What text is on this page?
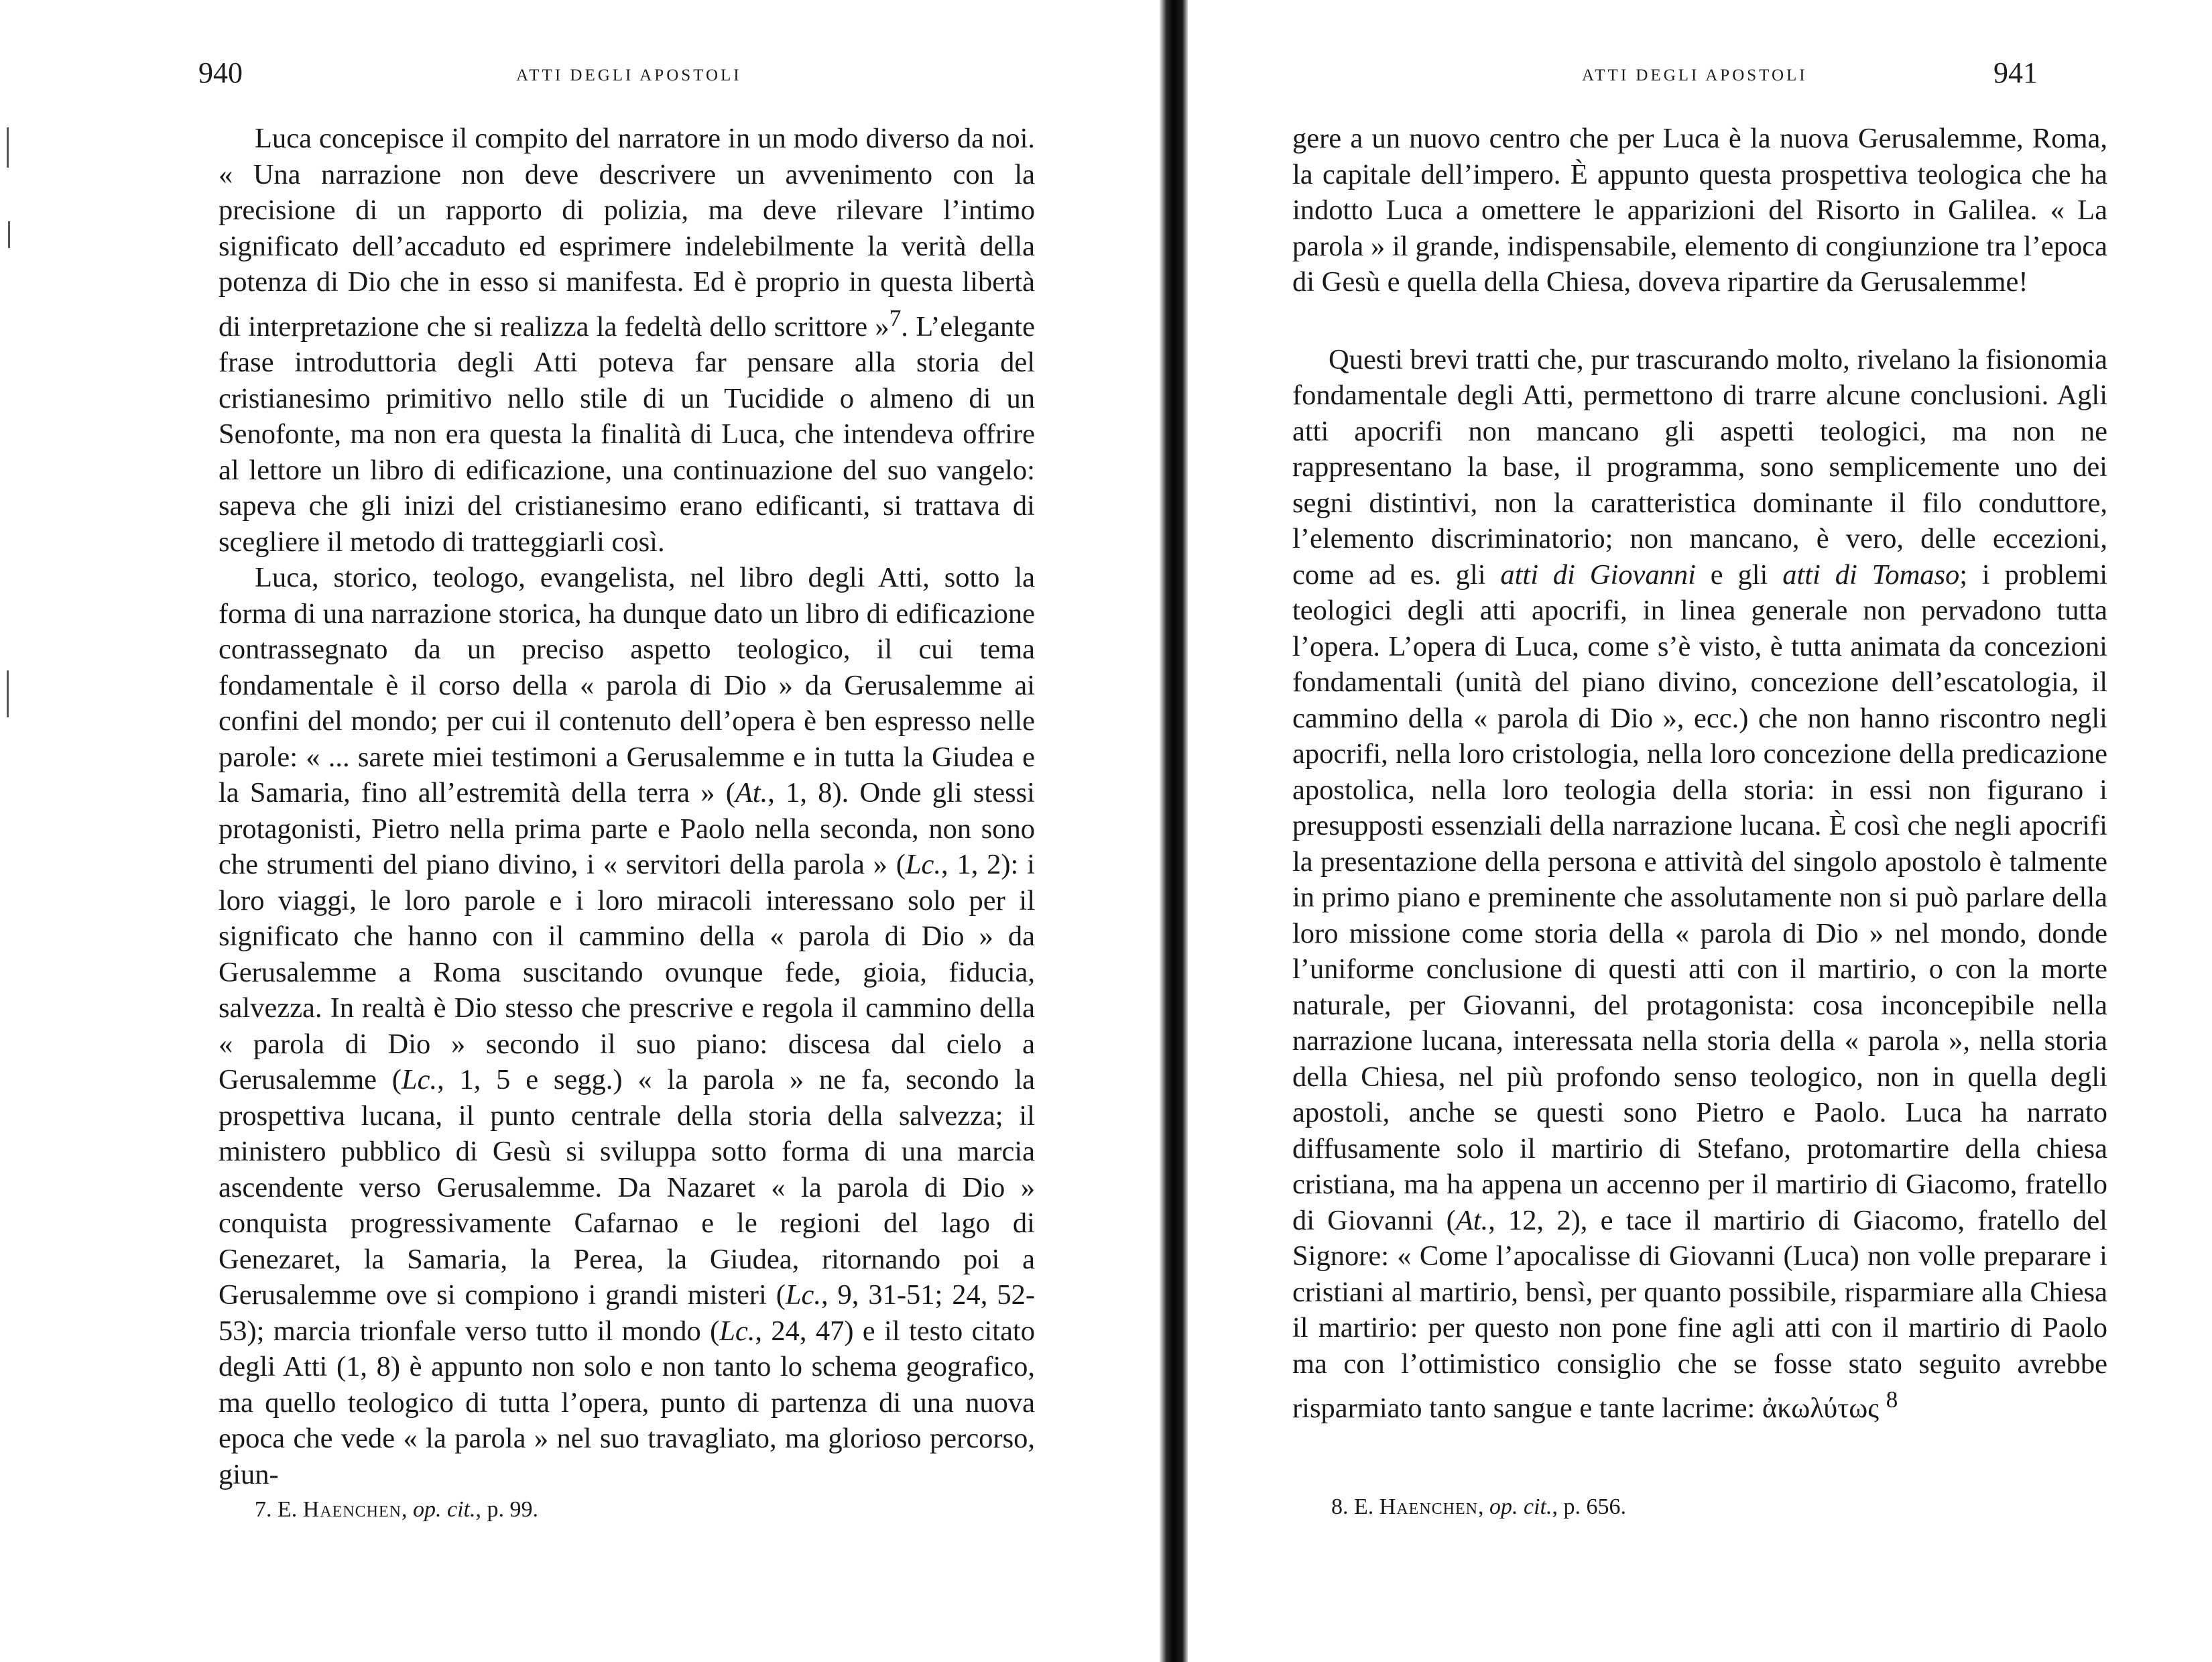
940	ATTI DEGLI APOSTOLI

Luca concepisce il compito del narratore in un modo diverso da noi. « Una narrazione non deve descrivere un avvenimento con la precisione di un rapporto di polizia, ma deve rilevare l’intimo significato dell’accaduto ed esprimere indelebilmente la verità della potenza di Dio che in esso si manifesta. Ed è proprio in questa libertà di interpretazione che si realizza la fedeltà dello scrittore »$^7$. L’elegante frase introduttoria degli Atti poteva far pensare alla storia del cristianesimo primitivo nello stile di un Tucidide o almeno di un Senofonte, ma non era questa la finalità di Luca, che intendeva offrire al lettore un libro di edificazione, una continuazione del suo vangelo: sapeva che gli inizi del cristianesimo erano edificanti, si trattava di scegliere il metodo di tratteggiarli così.

Luca, storico, teologo, evangelista, nel libro degli Atti, sotto la forma di una narrazione storica, ha dunque dato un libro di edificazione contrassegnato da un preciso aspetto teologico, il cui tema fondamentale è il corso della « parola di Dio » da Gerusalemme ai confini del mondo; per cui il contenuto dell’opera è ben espresso nelle parole: « ... sarete miei testimoni a Gerusalemme e in tutta la Giudea e la Samaria, fino all’estremità della terra » (At., 1, 8). Onde gli stessi protagonisti, Pietro nella prima parte e Paolo nella seconda, non sono che strumenti del piano divino, i « servitori della parola » (Lc., 1, 2): i loro viaggi, le loro parole e i loro miracoli interessano solo per il significato che hanno con il cammino della « parola di Dio » da Gerusalemme a Roma suscitando ovunque fede, gioia, fiducia, salvezza. In realtà è Dio stesso che prescrive e regola il cammino della « parola di Dio » secondo il suo piano: discesa dal cielo a Gerusalemme (Lc., 1, 5 e segg.) « la parola » ne fa, secondo la prospettiva lucana, il punto centrale della storia della salvezza; il ministero pubblico di Gesù si sviluppa sotto forma di una marcia ascendente verso Gerusalemme. Da Nazaret « la parola di Dio » conquista progressivamente Cafarnao e le regioni del lago di Genezaret, la Samaria, la Perea, la Giudea, ritornando poi a Gerusalemme ove si compiono i grandi misteri (Lc., 9, 31-51; 24, 52-53); marcia trionfale verso tutto il mondo (Lc., 24, 47) e il testo citato degli Atti (1, 8) è appunto non solo e non tanto lo schema geografico, ma quello teologico di tutta l’opera, punto di partenza di una nuova epoca che vede « la parola » nel suo travagliato, ma glorioso percorso, giun-

7. E. Haenchen, op. cit., p. 99.
ATTI DEGLI APOSTOLI	941

gere a un nuovo centro che per Luca è la nuova Gerusalemme, Roma, la capitale dell’impero. È appunto questa prospettiva teologica che ha indotto Luca a omettere le apparizioni del Risorto in Galilea. « La parola » il grande, indispensabile, elemento di congiunzione tra l’epoca di Gesù e quella della Chiesa, doveva ripartire da Gerusalemme!

Questi brevi tratti che, pur trascurando molto, rivelano la fisionomia fondamentale degli Atti, permettono di trarre alcune conclusioni. Agli atti apocrifi non mancano gli aspetti teologici, ma non ne rappresentano la base, il programma, sono semplicemente uno dei segni distintivi, non la caratteristica dominante il filo conduttore, l’elemento discriminatorio; non mancano, è vero, delle eccezioni, come ad es. gli atti di Giovanni e gli atti di Tomaso; i problemi teologici degli atti apocrifi, in linea generale non pervadono tutta l’opera. L’opera di Luca, come s’è visto, è tutta animata da concezioni fondamentali (unità del piano divino, concezione dell’escatologia, il cammino della « parola di Dio », ecc.) che non hanno riscontro negli apocrifi, nella loro cristologia, nella loro concezione della predicazione apostolica, nella loro teologia della storia: in essi non figurano i presupposti essenziali della narrazione lucana. È così che negli apocrifi la presentazione della persona e attività del singolo apostolo è talmente in primo piano e preminente che assolutamente non si può parlare della loro missione come storia della « parola di Dio » nel mondo, donde l’uniforme conclusione di questi atti con il martirio, o con la morte naturale, per Giovanni, del protagonista: cosa inconcepibile nella narrazione lucana, interessata nella storia della « parola », nella storia della Chiesa, nel più profondo senso teologico, non in quella degli apostoli, anche se questi sono Pietro e Paolo. Luca ha narrato diffusamente solo il martirio di Stefano, protomartire della chiesa cristiana, ma ha appena un accenno per il martirio di Giacomo, fratello di Giovanni (At., 12, 2), e tace il martirio di Giacomo, fratello del Signore: « Come l’apocalisse di Giovanni (Luca) non volle preparare i cristiani al martirio, bensì, per quanto possibile, risparmiare alla Chiesa il martirio: per questo non pone fine agli atti con il martirio di Paolo ma con l’ottimistico consiglio che se fosse stato seguito avrebbe risparmiato tanto sangue e tante lacrime: ἀκωλύτως $^8$

8. E. Haenchen, op. cit., p. 656.
